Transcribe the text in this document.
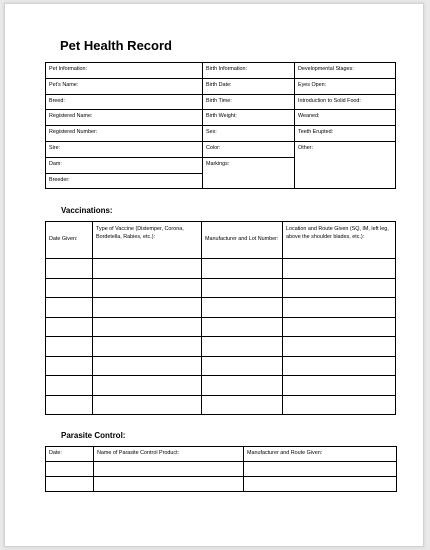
Pet Health Record
Pet Information:	Birth Information:	Developmental Stages:
Pet's Name:	Birth Date:	Eyes Open:
Breed:	Birth Time:	Introduction to Solid Food:
Registered Name:	Birth Weight:	Weaned:
Registered Number:	Sex:	Teeth Erupted:
Sire:	Color:	Other:
Dam:	Markings:	
Breeder:		
Vaccinations:
Date Given:	Type of Vaccine (Distemper, Corona, Bordetella, Rabies, etc.):	Manufacturer and Lot Number:	Location and Route Given (SQ, IM, left leg, above the shoulder blades, etc.):

Parasite Control:
Date:	Name of Parasite Control Product:	Manufacturer and Route Given:
